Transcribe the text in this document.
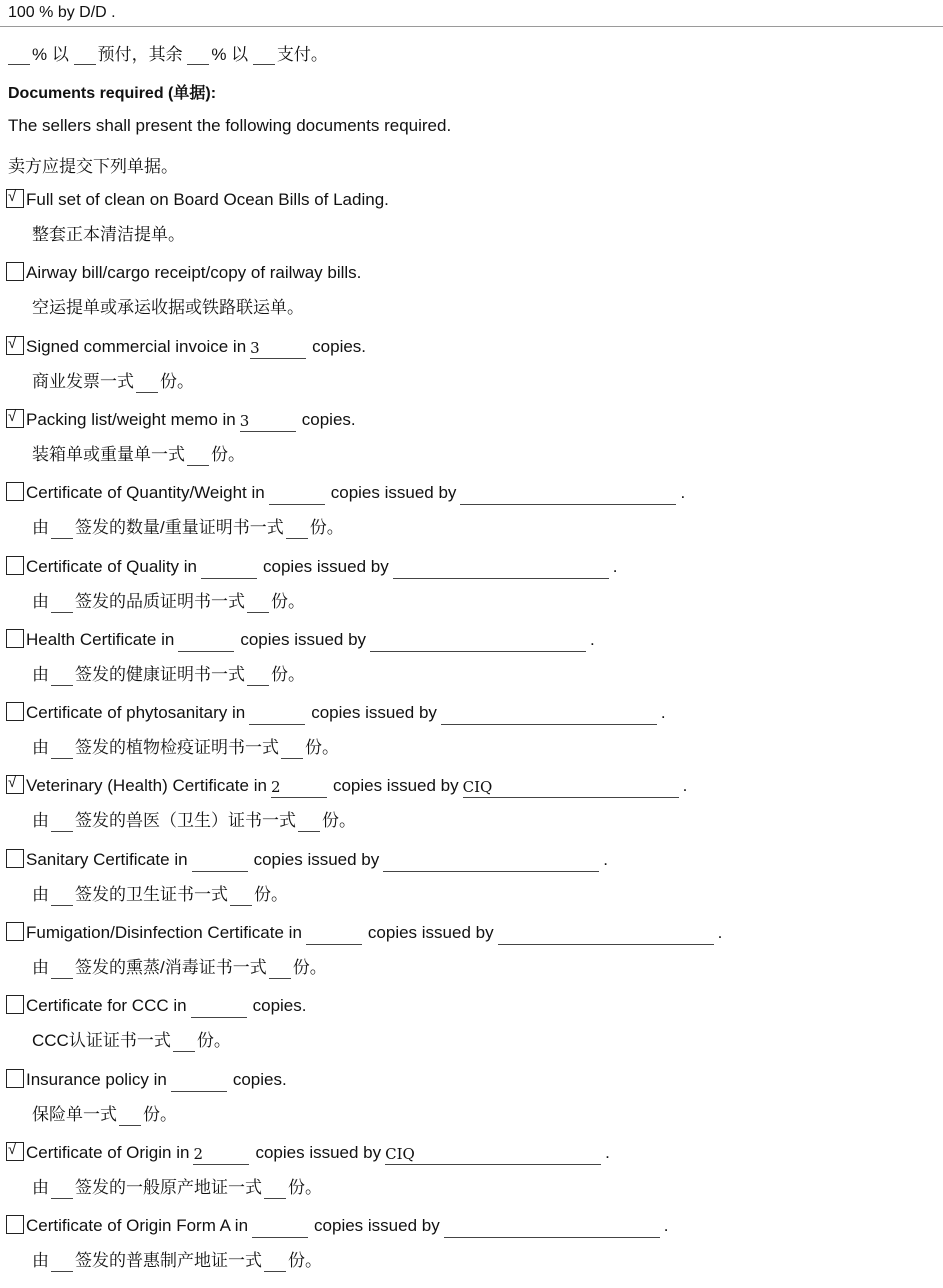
100 % by D/D .
% 以 预付，其余 % 以 支付。
Documents required (单据):
The sellers shall present the following documents required.
卖方应提交下列单据。
√ Full set of clean on Board Ocean Bills of Lading.
整套正本清洁提单。
Airway bill/cargo receipt/copy of railway bills.
空运提单或承运收据或铁路联运单。
√ Signed commercial invoice in 3	copies.
商业发票一式 份。
√ Packing list/weight memo in 3	copies.
装箱单或重量单一式 份。
Certificate of Quantity/Weight in	copies issued by	.
由 签发的数量/重量证明书一式 份。
Certificate of Quality in	copies issued by	.
由 签发的品质证明书一式 份。
Health Certificate in	copies issued by	.
由 签发的健康证明书一式 份。
Certificate of phytosanitary in	copies issued by	.
由 签发的植物检疫证明书一式 份。
√ Veterinary (Health) Certificate in 2	copies issued by CIQ	.
由 签发的兽医（卫生）证书一式 份。
Sanitary Certificate in	copies issued by	.
由 签发的卫生证书一式 份。
Fumigation/Disinfection Certificate in	copies issued by	.
由 签发的熏蒸/消毒证书一式 份。
Certificate for CCC in	copies.
CCC认证证书一式 份。
Insurance policy in	copies.
保险单一式 份。
√ Certificate of Origin in 2	copies issued by CIQ	.
由 签发的一般原产地证一式 份。
Certificate of Origin Form A in	copies issued by	.
由 签发的普惠制产地证一式 份。
